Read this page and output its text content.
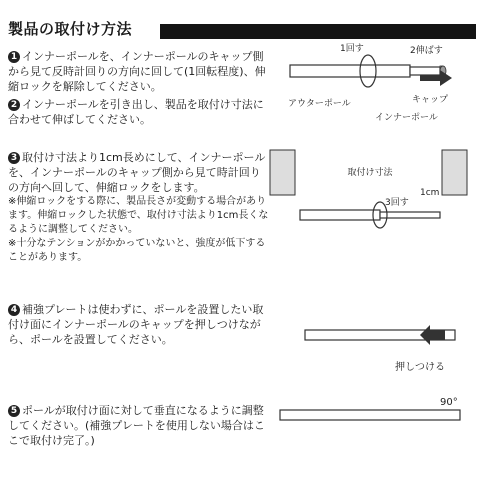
製品の取付け方法

1 インナーポールを、インナーポールのキャップ側から見て反時計回りの方向に回して(1回転程度)、伸縮ロックを解除してください。

2 インナーポールを引き出し、製品を取付け寸法に合わせて伸ばしてください。

3 取付け寸法より1cm長めにして、インナーポールを、インナーポールのキャップ側から見て時計回りの方向へ回して、伸縮ロックをします。

※伸縮ロックをする際に、製品長さが変動する場合があります。伸縮ロックした状態で、取付け寸法より1cm長くなるように調整してください。

※十分なテンションがかかっていないと、強度が低下することがあります。

4 補強プレートは使わずに、ポールを設置したい取付け面にインナーポールのキャップを押しつけながら、ポールを設置してください。

5 ポールが取付け面に対して垂直になるように調整してください。(補強プレートを使用しない場合はここで取付け完了。)

1回す	2伸ばす
アウターポール
インナーポール
キャップ
取付け寸法
1cm
3回す
押しつける
90°
